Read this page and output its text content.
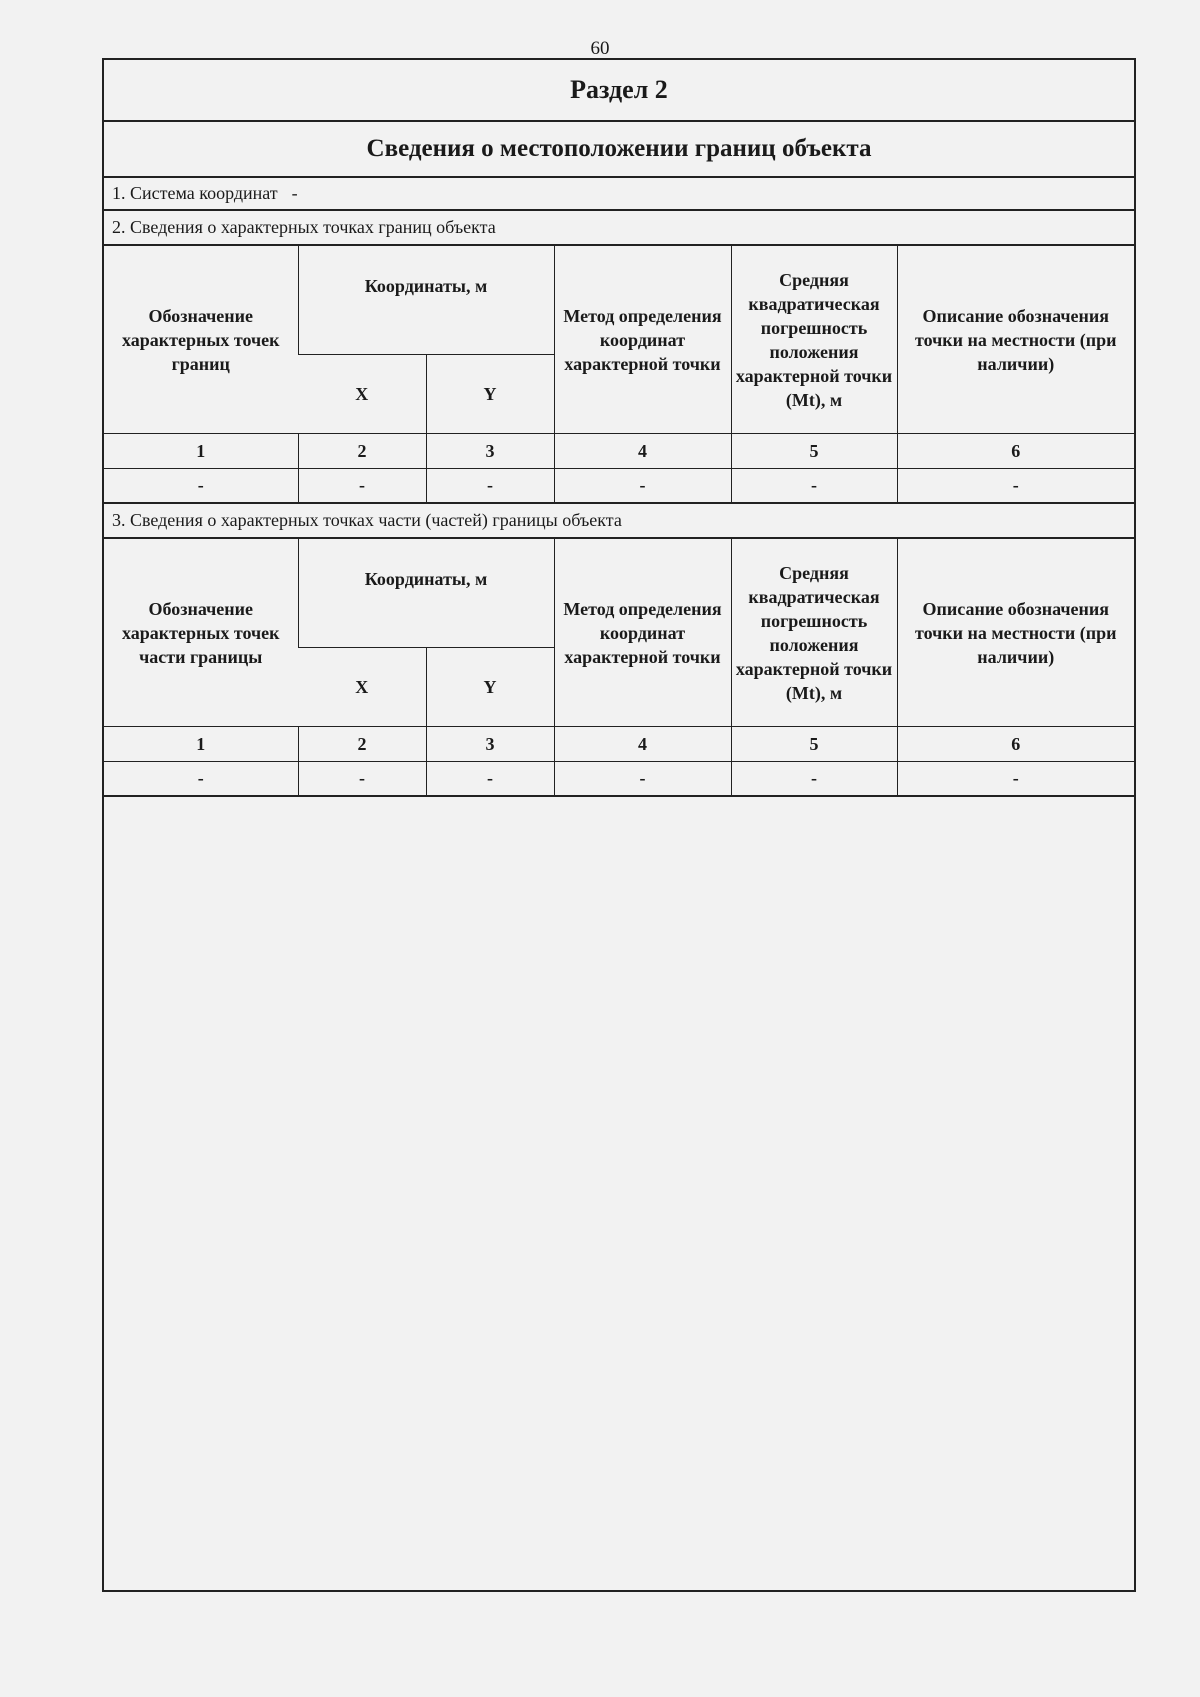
60
Раздел 2
Сведения о местоположении границ объекта
1. Система координат -
2. Сведения о характерных точках границ объекта
Обозначение характерных точек границ	Координаты, м		Метод определения координат характерной точки	Средняя квадратическая погрешность положения характерной точки (Mt), м	Описание обозначения точки на местности (при наличии)
	X	Y			
1	2	3	4	5	6
-	-	-	-	-	-
3. Сведения о характерных точках части (частей) границы объекта
Обозначение характерных точек части границы	Координаты, м		Метод определения координат характерной точки	Средняя квадратическая погрешность положения характерной точки (Mt), м	Описание обозначения точки на местности (при наличии)
	X	Y			
1	2	3	4	5	6
-	-	-	-	-	-
